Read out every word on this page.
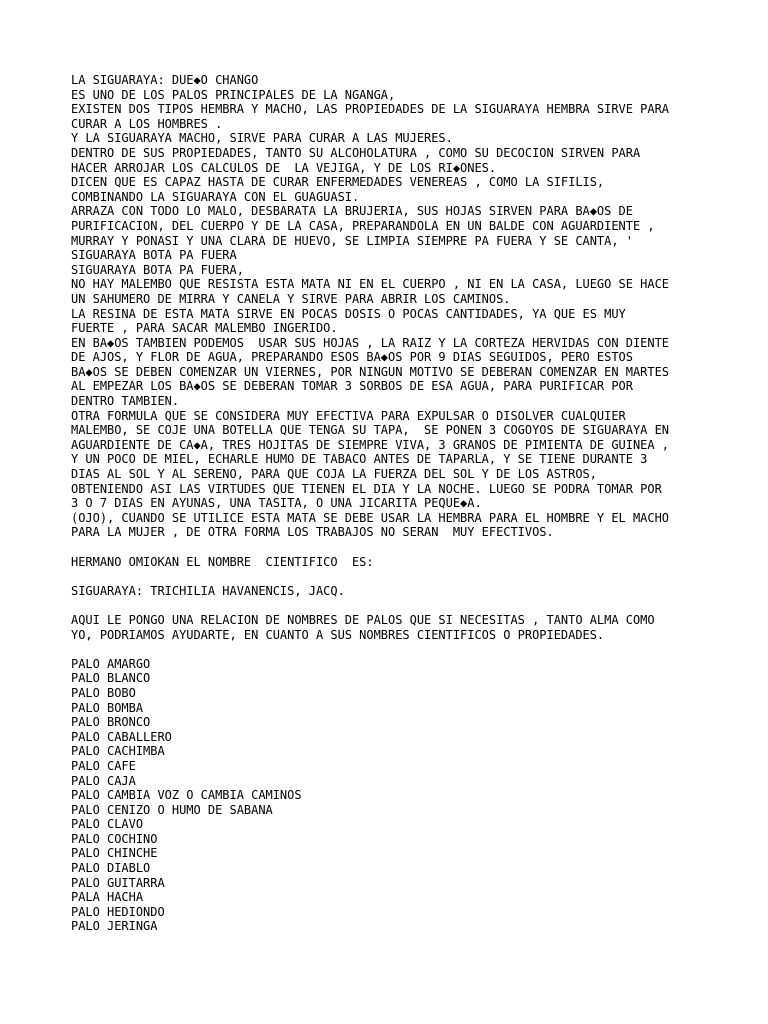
LA SIGUARAYA: DUE◆O CHANGO
ES UNO DE LOS PALOS PRINCIPALES DE LA NGANGA,
EXISTEN DOS TIPOS HEMBRA Y MACHO, LAS PROPIEDADES DE LA SIGUARAYA HEMBRA SIRVE PARA
CURAR A LOS HOMBRES .
Y LA SIGUARAYA MACHO, SIRVE PARA CURAR A LAS MUJERES.
DENTRO DE SUS PROPIEDADES, TANTO SU ALCOHOLATURA , COMO SU DECOCION SIRVEN PARA
HACER ARROJAR LOS CALCULOS DE  LA VEJIGA, Y DE LOS RI◆ONES.
DICEN QUE ES CAPAZ HASTA DE CURAR ENFERMEDADES VENEREAS , COMO LA SIFILIS,
COMBINANDO LA SIGUARAYA CON EL GUAGUASI.
ARRAZA CON TODO LO MALO, DESBARATA LA BRUJERIA, SUS HOJAS SIRVEN PARA BA◆OS DE
PURIFICACION, DEL CUERPO Y DE LA CASA, PREPARANDOLA EN UN BALDE CON AGUARDIENTE ,
MURRAY Y PONASI Y UNA CLARA DE HUEVO, SE LIMPIA SIEMPRE PA FUERA Y SE CANTA, '
SIGUARAYA BOTA PA FUERA
SIGUARAYA BOTA PA FUERA,
NO HAY MALEMBO QUE RESISTA ESTA MATA NI EN EL CUERPO , NI EN LA CASA, LUEGO SE HACE
UN SAHUMERO DE MIRRA Y CANELA Y SIRVE PARA ABRIR LOS CAMINOS.
LA RESINA DE ESTA MATA SIRVE EN POCAS DOSIS O POCAS CANTIDADES, YA QUE ES MUY
FUERTE , PARA SACAR MALEMBO INGERIDO.
EN BA◆OS TAMBIEN PODEMOS  USAR SUS HOJAS , LA RAIZ Y LA CORTEZA HERVIDAS CON DIENTE
DE AJOS, Y FLOR DE AGUA, PREPARANDO ESOS BA◆OS POR 9 DIAS SEGUIDOS, PERO ESTOS
BA◆OS SE DEBEN COMENZAR UN VIERNES, POR NINGUN MOTIVO SE DEBERAN COMENZAR EN MARTES
AL EMPEZAR LOS BA◆OS SE DEBERAN TOMAR 3 SORBOS DE ESA AGUA, PARA PURIFICAR POR
DENTRO TAMBIEN.
OTRA FORMULA QUE SE CONSIDERA MUY EFECTIVA PARA EXPULSAR O DISOLVER CUALQUIER
MALEMBO, SE COJE UNA BOTELLA QUE TENGA SU TAPA,  SE PONEN 3 COGOYOS DE SIGUARAYA EN
AGUARDIENTE DE CA◆A, TRES HOJITAS DE SIEMPRE VIVA, 3 GRANOS DE PIMIENTA DE GUINEA ,
Y UN POCO DE MIEL, ECHARLE HUMO DE TABACO ANTES DE TAPARLA, Y SE TIENE DURANTE 3
DIAS AL SOL Y AL SERENO, PARA QUE COJA LA FUERZA DEL SOL Y DE LOS ASTROS,
OBTENIENDO ASI LAS VIRTUDES QUE TIENEN EL DIA Y LA NOCHE. LUEGO SE PODRA TOMAR POR
3 O 7 DIAS EN AYUNAS, UNA TASITA, O UNA JICARITA PEQUE◆A.
(OJO), CUANDO SE UTILICE ESTA MATA SE DEBE USAR LA HEMBRA PARA EL HOMBRE Y EL MACHO
PARA LA MUJER , DE OTRA FORMA LOS TRABAJOS NO SERAN  MUY EFECTIVOS.
HERMANO OMIOKAN EL NOMBRE  CIENTIFICO  ES:
SIGUARAYA: TRICHILIA HAVANENCIS, JACQ.
AQUI LE PONGO UNA RELACION DE NOMBRES DE PALOS QUE SI NECESITAS , TANTO ALMA COMO
YO, PODRIAMOS AYUDARTE, EN CUANTO A SUS NOMBRES CIENTIFICOS O PROPIEDADES.
PALO AMARGO
PALO BLANCO
PALO BOBO
PALO BOMBA
PALO BRONCO
PALO CABALLERO
PALO CACHIMBA
PALO CAFE
PALO CAJA
PALO CAMBIA VOZ O CAMBIA CAMINOS
PALO CENIZO O HUMO DE SABANA
PALO CLAVO
PALO COCHINO
PALO CHINCHE
PALO DIABLO
PALO GUITARRA
PALA HACHA
PALO HEDIONDO
PALO JERINGA
